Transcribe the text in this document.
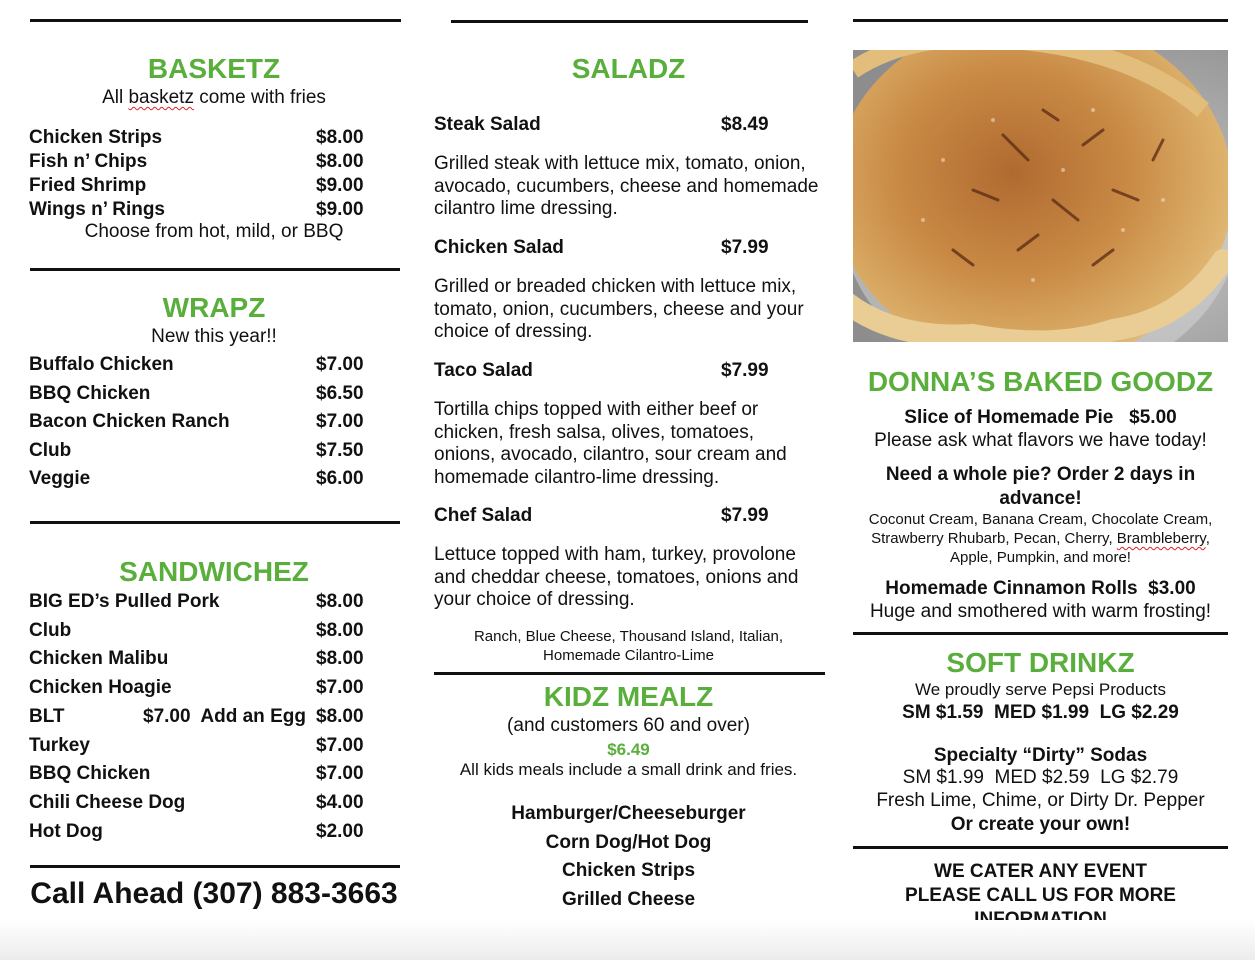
BASKETZ
All basketz come with fries
Choose from hot, mild, or BBQ
WRAPZ
New this year!!
SANDWICHEZ
Call Ahead (307) 883-3663
SALADZ
Ranch, Blue Cheese, Thousand Island, Italian,
Homemade Cilantro-Lime
KIDZ MEALZ
(and customers 60 and over)
$6.49
All kids meals include a small drink and fries.
DONNA’S BAKED GOODZ
Slice of Homemade Pie   $5.00
Please ask what flavors we have today!
Need a whole pie? Order 2 days in advance!
Coconut Cream, Banana Cream, Chocolate Cream,
Strawberry Rhubarb, Pecan, Cherry, Brambleberry,
Apple, Pumpkin, and more!
Homemade Cinnamon Rolls  $3.00
Huge and smothered with warm frosting!
SOFT DRINKZ
We proudly serve Pepsi Products
SM $1.59  MED $1.99  LG $2.29
Specialty “Dirty” Sodas
SM $1.99  MED $2.59  LG $2.79
Fresh Lime, Chime, or Dirty Dr. Pepper
Or create your own!
WE CATER ANY EVENT
PLEASE CALL US FOR MORE
Chicken Strips	$8.00
Fish n’ Chips	$8.00
Fried Shrimp	$9.00
Wings n’ Rings	$9.00
Buffalo Chicken	$7.00
BBQ Chicken	$6.50
Bacon Chicken Ranch	$7.00
Club	$7.50
Veggie	$6.00
BIG ED’s Pulled Pork	$8.00
Club	$8.00
Chicken Malibu	$8.00
Chicken Hoagie	$7.00
BLT	$7.00  Add an Egg $8.00
Turkey	$7.00
BBQ Chicken	$7.00
Chili Cheese Dog	$4.00
Hot Dog	$2.00
Steak Salad	$8.49
Grilled steak with lettuce mix, tomato, onion, avocado, cucumbers, cheese and homemade cilantro lime dressing.
Chicken Salad	$7.99
Grilled or breaded chicken with lettuce mix, tomato, onion, cucumbers, cheese and your choice of dressing.
Taco Salad	$7.99
Tortilla chips topped with either beef or chicken, fresh salsa, olives, tomatoes, onions, avocado, cilantro, sour cream and homemade cilantro-lime dressing.
Chef Salad	$7.99
Lettuce topped with ham, turkey, provolone and cheddar cheese, tomatoes, onions and your choice of dressing.
Hamburger/Cheeseburger
Corn Dog/Hot Dog
Chicken Strips
Grilled Cheese
